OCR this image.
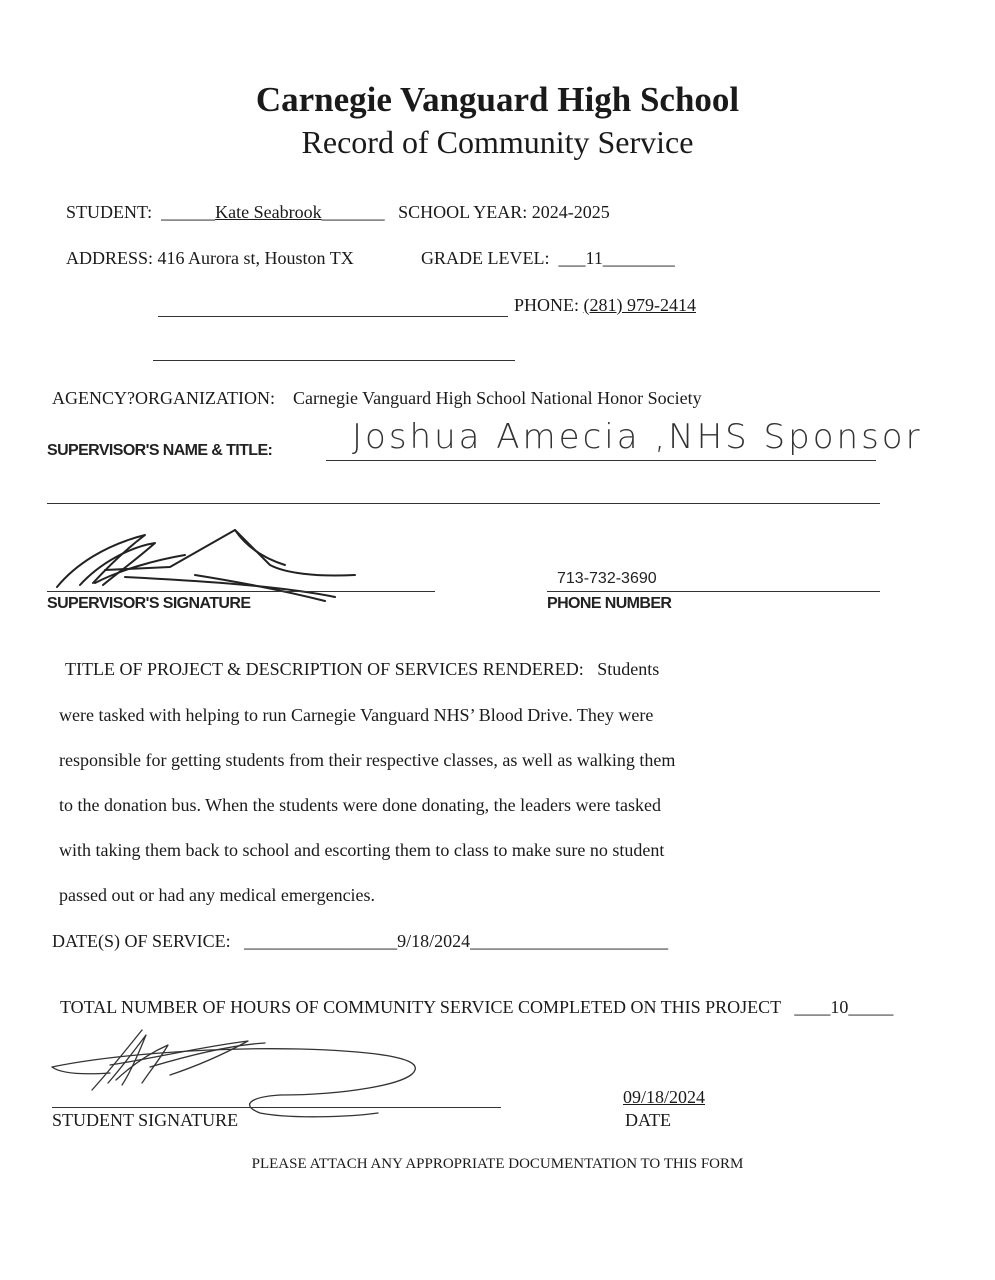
Carnegie Vanguard High School
Record of Community Service
STUDENT:  ______Kate Seabrook_______   SCHOOL YEAR: 2024-2025
ADDRESS: 416 Aurora st, Houston TX	GRADE LEVEL:  ___11________
PHONE: (281) 979-2414
AGENCY?ORGANIZATION: Carnegie Vanguard High School National Honor Society
SUPERVISOR'S NAME & TITLE: Joshua Amecia ,NHS Sponsor
SUPERVISOR'S SIGNATURE
713-732-3690
PHONE NUMBER
TITLE OF PROJECT & DESCRIPTION OF SERVICES RENDERED: Students
were tasked with helping to run Carnegie Vanguard NHS’ Blood Drive. They were
responsible for getting students from their respective classes, as well as walking them
to the donation bus. When the students were done donating, the leaders were tasked
with taking them back to school and escorting them to class to make sure no student
passed out or had any medical emergencies.
DATE(S) OF SERVICE:   _________________9/18/2024______________________
TOTAL NUMBER OF HOURS OF COMMUNITY SERVICE COMPLETED ON THIS PROJECT   ____10_____
STUDENT SIGNATURE
09/18/2024
DATE
PLEASE ATTACH ANY APPROPRIATE DOCUMENTATION TO THIS FORM
